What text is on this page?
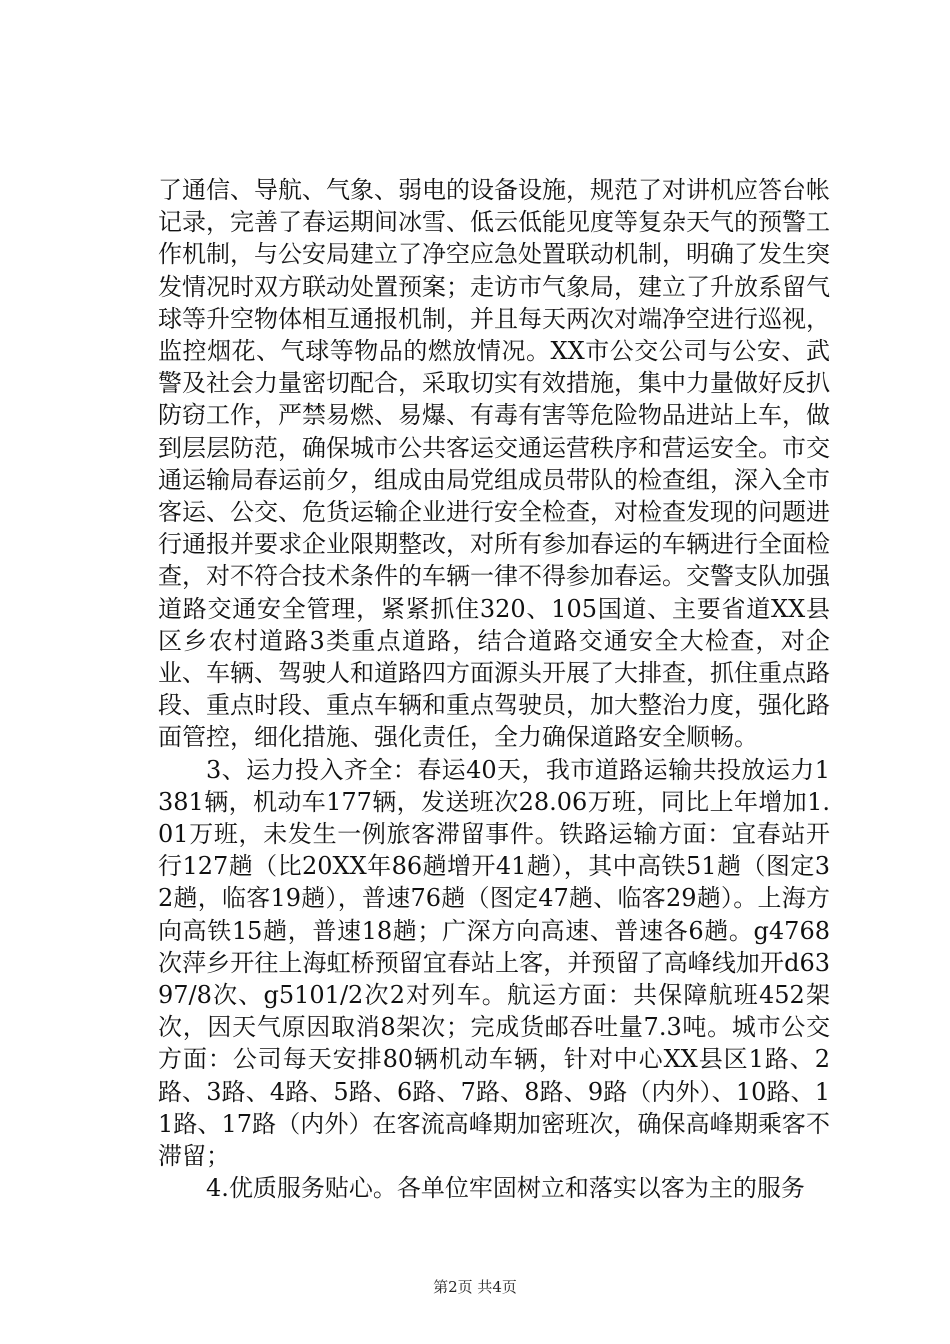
了通信、导航、气象、弱电的设备设施，规范了对讲机应答台帐记录，完善了春运期间冰雪、低云低能见度等复杂天气的预警工作机制，与公安局建立了净空应急处置联动机制，明确了发生突发情况时双方联动处置预案；走访市气象局，建立了升放系留气球等升空物体相互通报机制，并且每天两次对端净空进行巡视，监控烟花、气球等物品的燃放情况。XX市公交公司与公安、武警及社会力量密切配合，采取切实有效措施，集中力量做好反扒防窃工作，严禁易燃、易爆、有毒有害等危险物品进站上车，做到层层防范，确保城市公共客运交通运营秩序和营运安全。市交通运输局春运前夕，组成由局党组成员带队的检查组，深入全市客运、公交、危货运输企业进行安全检查，对检查发现的问题进行通报并要求企业限期整改，对所有参加春运的车辆进行全面检查，对不符合技术条件的车辆一律不得参加春运。交警支队加强道路交通安全管理，紧紧抓住320、105国道、主要省道XX县区乡农村道路3类重点道路，结合道路交通安全大检查，对企业、车辆、驾驶人和道路四方面源头开展了大排查，抓住重点路段、重点时段、重点车辆和重点驾驶员，加大整治力度，强化路面管控，细化措施、强化责任，全力确保道路安全顺畅。

3、运力投入齐全：春运40天，我市道路运输共投放运力1381辆，机动车177辆，发送班次28.06万班，同比上年增加1.01万班，未发生一例旅客滞留事件。铁路运输方面：宜春站开行127趟（比20XX年86趟增开41趟），其中高铁51趟（图定32趟，临客19趟），普速76趟（图定47趟、临客29趟）。上海方向高铁15趟，普速18趟；广深方向高速、普速各6趟。g4768次萍乡开往上海虹桥预留宜春站上客，并预留了高峰线加开d6397/8次、g5101/2次2对列车。航运方面：共保障航班452架次，因天气原因取消8架次；完成货邮吞吐量7.3吨。城市公交方面：公司每天安排80辆机动车辆，针对中心XX县区1路、2路、3路、4路、5路、6路、7路、8路、9路（内外）、10路、11路、17路（内外）在客流高峰期加密班次，确保高峰期乘客不滞留；

4.优质服务贴心。各单位牢固树立和落实以客为主的服务

第2页 共4页
